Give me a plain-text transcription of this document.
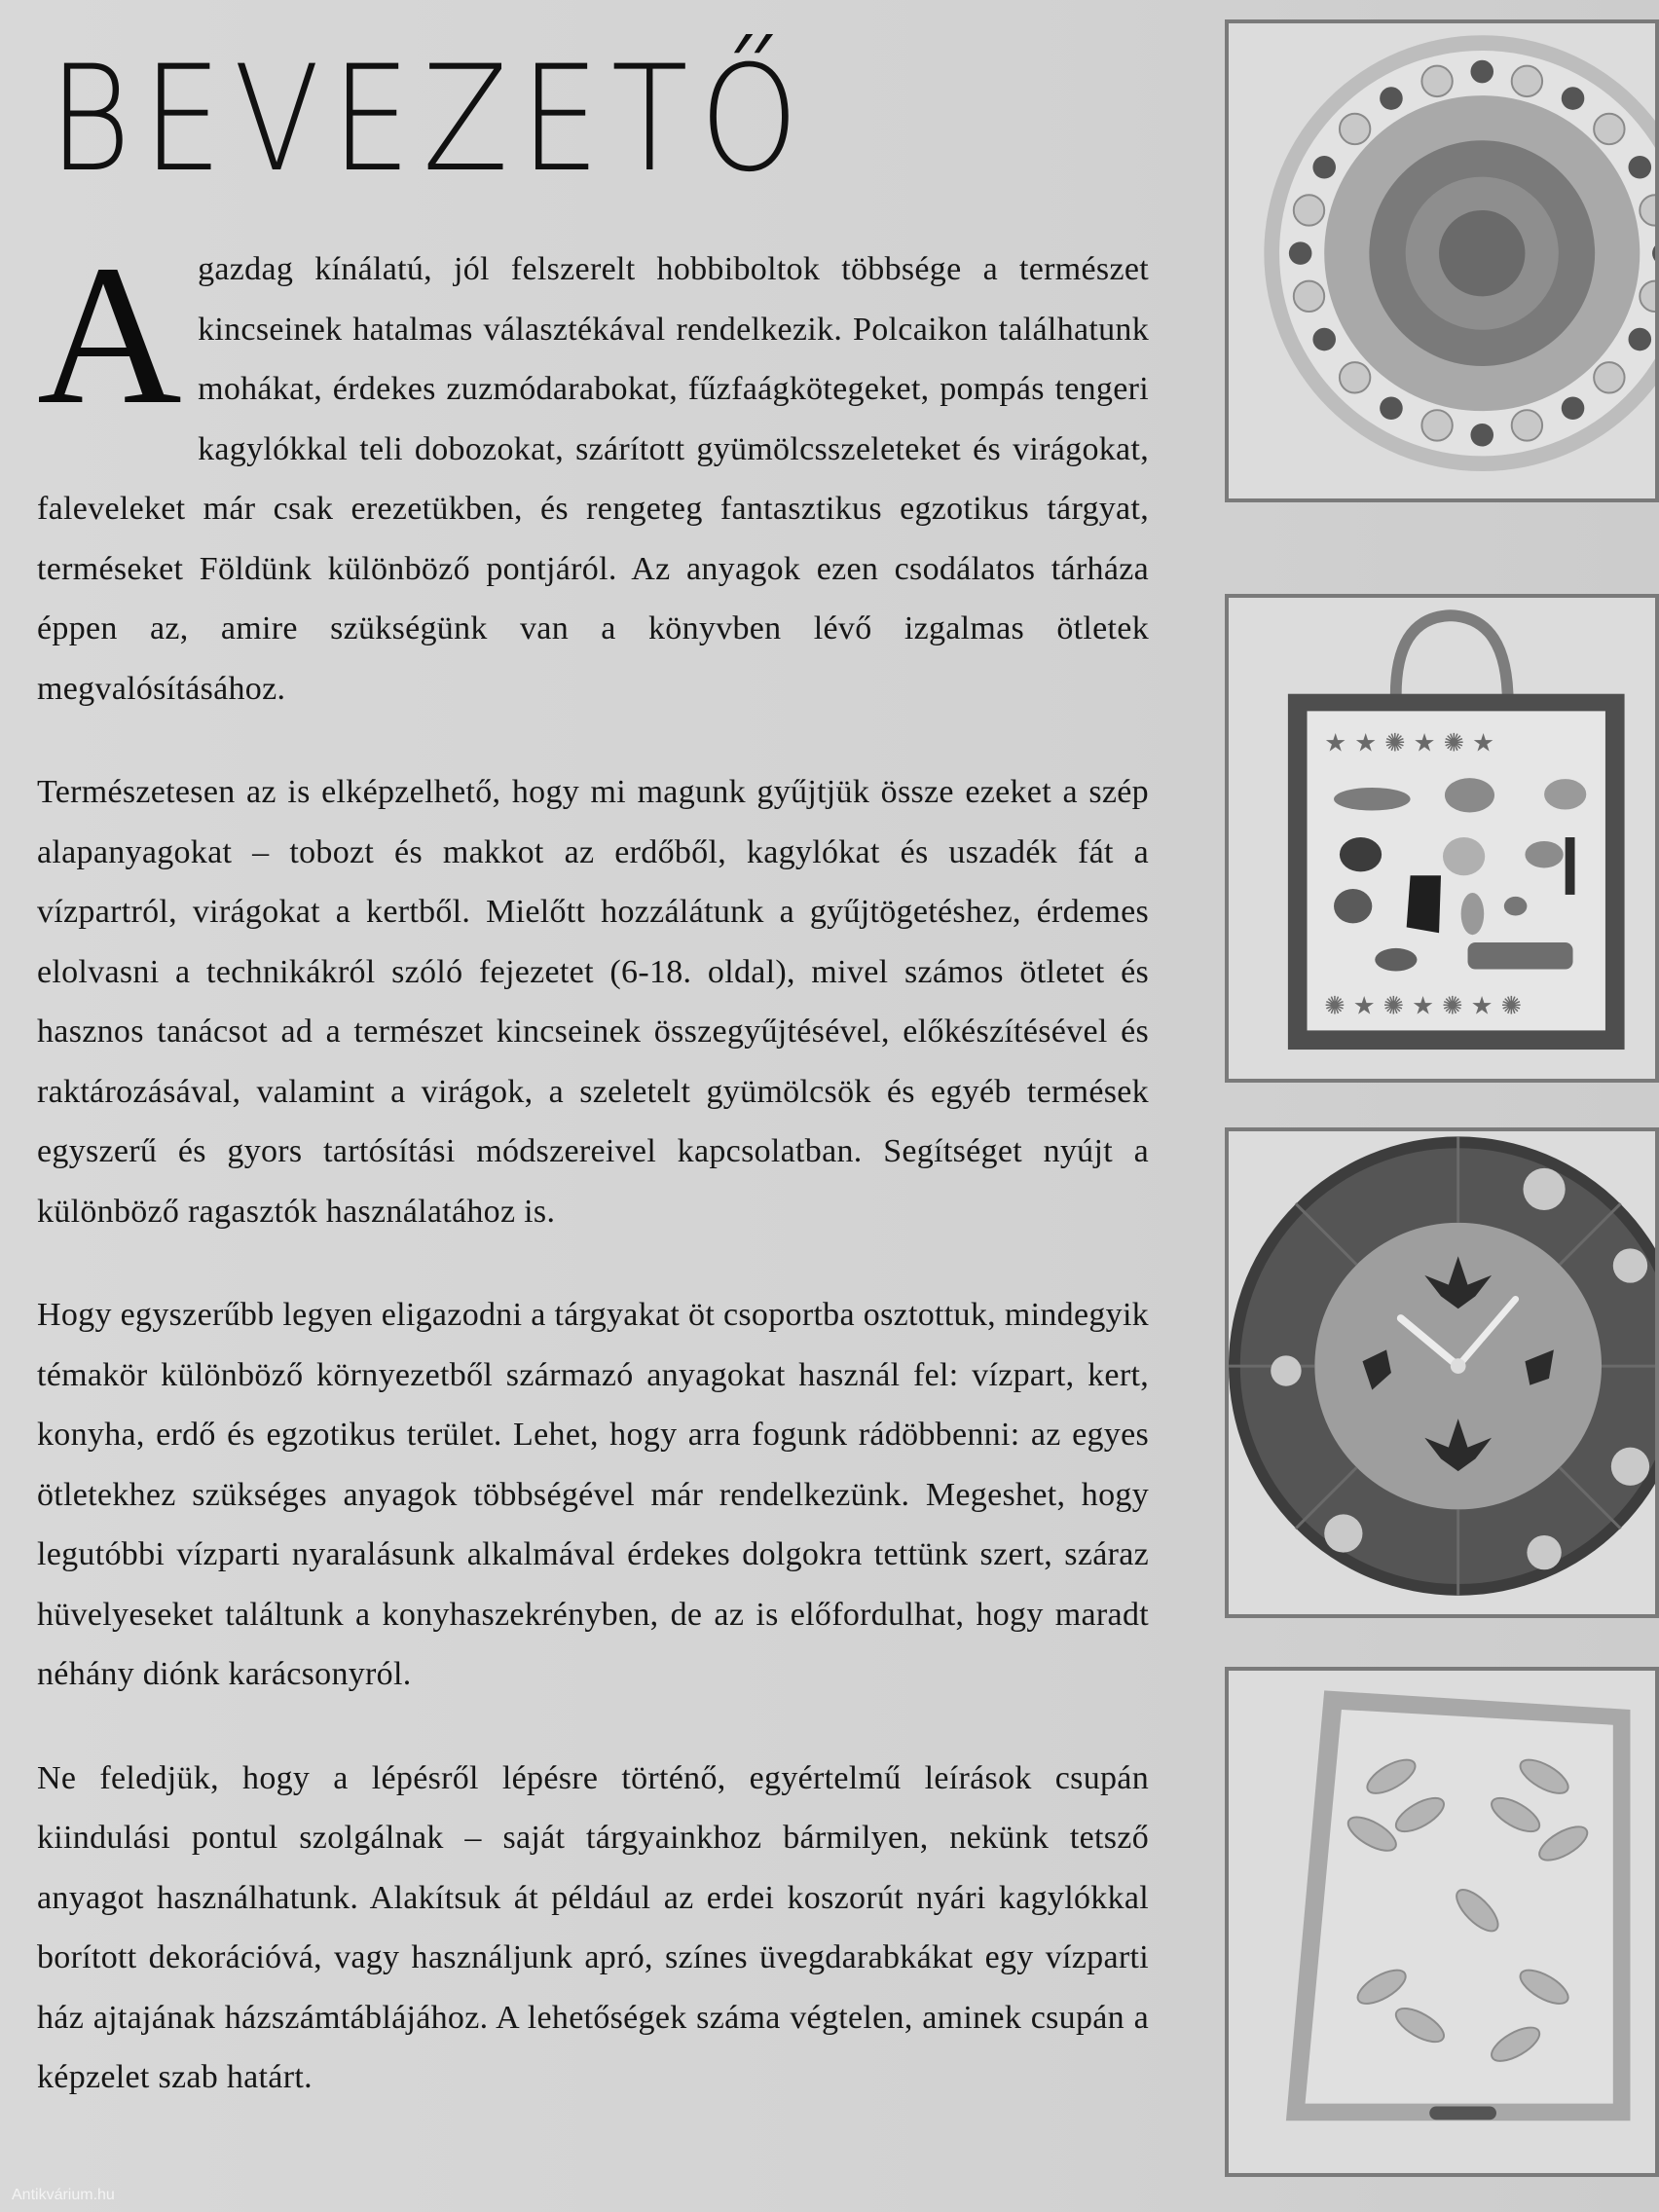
BEVEZETŐ

A gazdag kínálatú, jól felszerelt hobbiboltok többsége a természet kincseinek hatalmas választékával rendelkezik. Polcaikon találhatunk mohákat, érdekes zuzmódarabokat, fűzfaágkötegeket, pompás tengeri kagylókkal teli dobozokat, szárított gyümölcsszeleteket és virágokat, faleveleket már csak erezetükben, és rengeteg fantasztikus egzotikus tárgyat, terméseket Földünk különböző pontjáról. Az anyagok ezen csodálatos tárháza éppen az, amire szükségünk van a könyvben lévő izgalmas ötletek megvalósításához.

Természetesen az is elképzelhető, hogy mi magunk gyűjtjük össze ezeket a szép alapanyagokat – tobozt és makkot az erdőből, kagylókat és uszadék fát a vízpartról, virágokat a kertből. Mielőtt hozzálátunk a gyűjtögetéshez, érdemes elolvasni a technikákról szóló fejezetet (6-18. oldal), mivel számos ötletet és hasznos tanácsot ad a természet kincseinek összegyűjtésével, előkészítésével és raktározásával, valamint a virágok, a szeletelt gyümölcsök és egyéb termések egyszerű és gyors tartósítási módszereivel kapcsolatban. Segítséget nyújt a különböző ragasztók használatához is.

Hogy egyszerűbb legyen eligazodni a tárgyakat öt csoportba osztottuk, mindegyik témakör különböző környezetből származó anyagokat használ fel: vízpart, kert, konyha, erdő és egzotikus terület. Lehet, hogy arra fogunk rádöbbenni: az egyes ötletekhez szükséges anyagok többségével már rendelkezünk. Megeshet, hogy legutóbbi vízparti nyaralásunk alkalmával érdekes dolgokra tettünk szert, száraz hüvelyeseket találtunk a konyhaszekrényben, de az is előfordulhat, hogy maradt néhány diónk karácsonyról.

Ne feledjük, hogy a lépésről lépésre történő, egyértelmű leírások csupán kiindulási pontul szolgálnak – saját tárgyainkhoz bármilyen, nekünk tetsző anyagot használhatunk. Alakítsuk át például az erdei koszorút nyári kagylókkal borított dekorációvá, vagy használjunk apró, színes üvegdarabkákat egy vízparti ház ajtajának házszámtáblájához. A lehetőségek száma végtelen, aminek csupán a képzelet szab határt.

★ ★ ✺ ★ ✺ ★
✺ ★ ✺ ★ ✺ ★ ✺
Antikvárium.hu
